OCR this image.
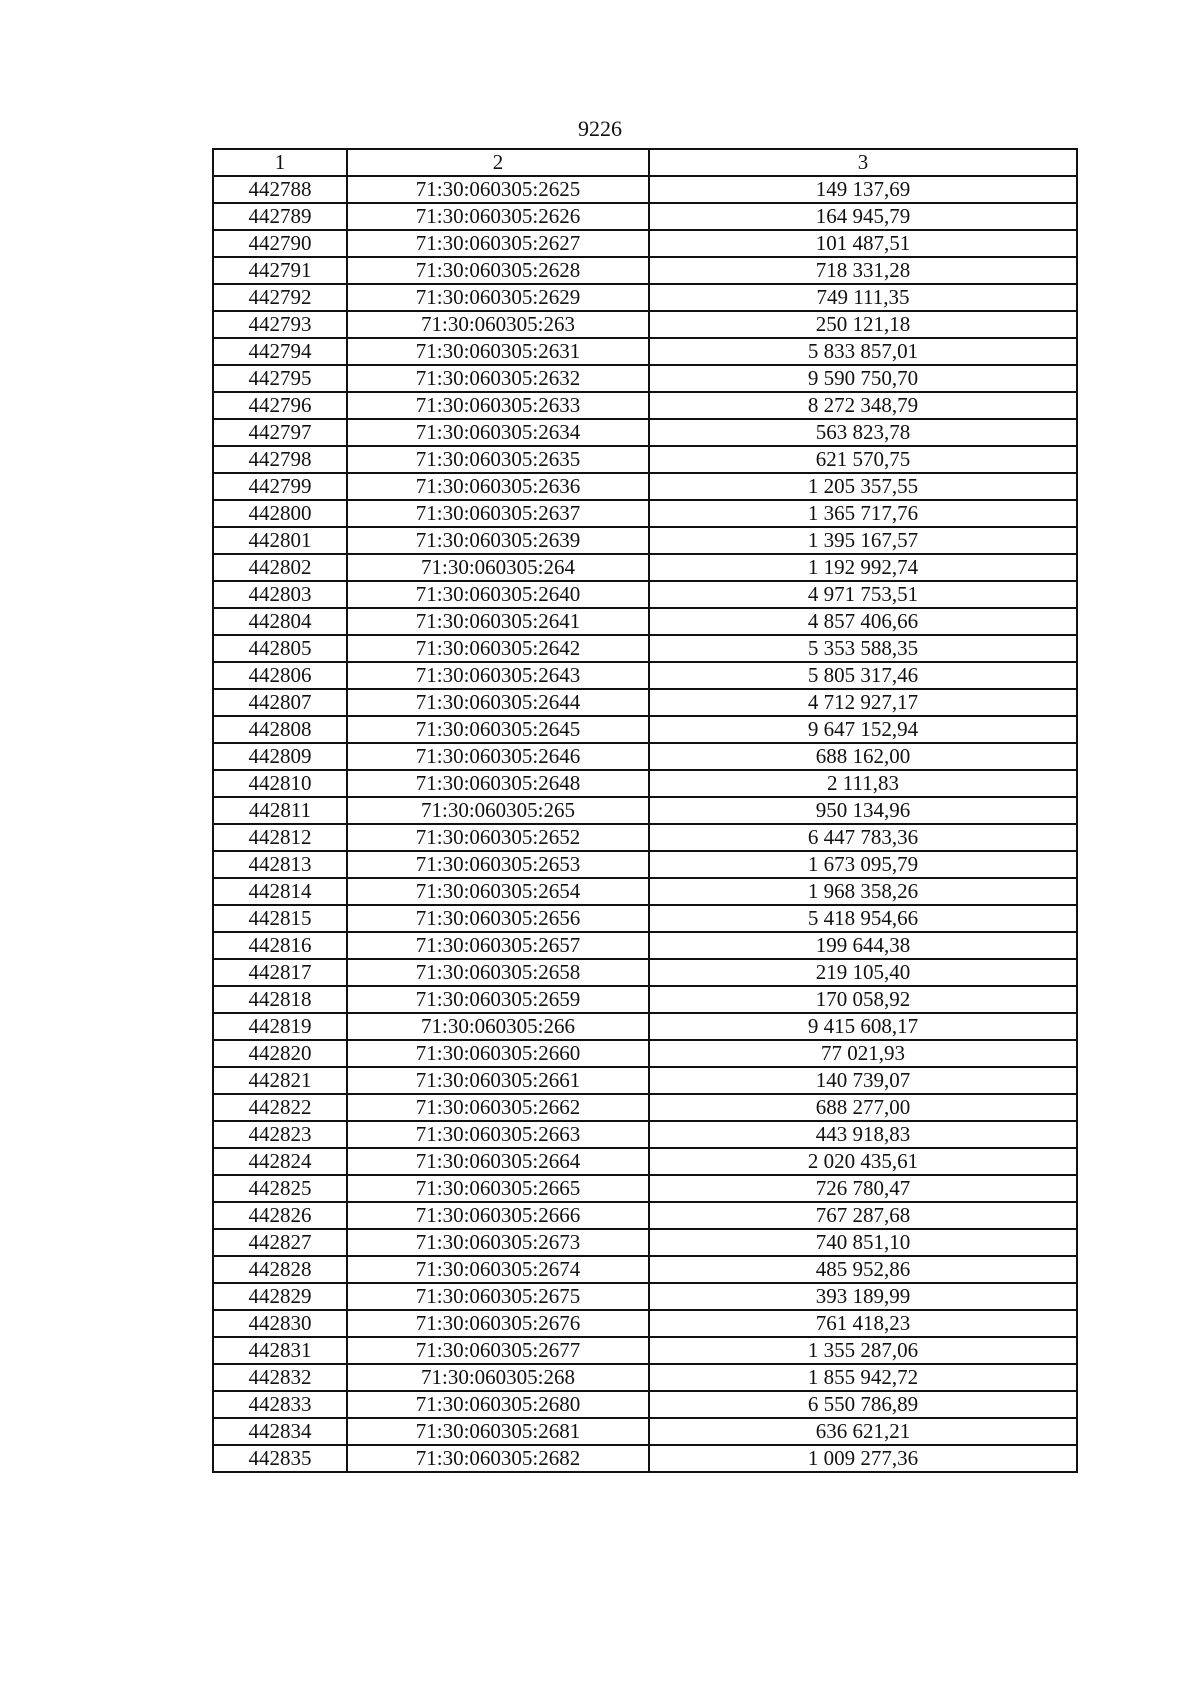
9226
1	2	3
442788	71:30:060305:2625	149 137,69
442789	71:30:060305:2626	164 945,79
442790	71:30:060305:2627	101 487,51
442791	71:30:060305:2628	718 331,28
442792	71:30:060305:2629	749 111,35
442793	71:30:060305:263	250 121,18
442794	71:30:060305:2631	5 833 857,01
442795	71:30:060305:2632	9 590 750,70
442796	71:30:060305:2633	8 272 348,79
442797	71:30:060305:2634	563 823,78
442798	71:30:060305:2635	621 570,75
442799	71:30:060305:2636	1 205 357,55
442800	71:30:060305:2637	1 365 717,76
442801	71:30:060305:2639	1 395 167,57
442802	71:30:060305:264	1 192 992,74
442803	71:30:060305:2640	4 971 753,51
442804	71:30:060305:2641	4 857 406,66
442805	71:30:060305:2642	5 353 588,35
442806	71:30:060305:2643	5 805 317,46
442807	71:30:060305:2644	4 712 927,17
442808	71:30:060305:2645	9 647 152,94
442809	71:30:060305:2646	688 162,00
442810	71:30:060305:2648	2 111,83
442811	71:30:060305:265	950 134,96
442812	71:30:060305:2652	6 447 783,36
442813	71:30:060305:2653	1 673 095,79
442814	71:30:060305:2654	1 968 358,26
442815	71:30:060305:2656	5 418 954,66
442816	71:30:060305:2657	199 644,38
442817	71:30:060305:2658	219 105,40
442818	71:30:060305:2659	170 058,92
442819	71:30:060305:266	9 415 608,17
442820	71:30:060305:2660	77 021,93
442821	71:30:060305:2661	140 739,07
442822	71:30:060305:2662	688 277,00
442823	71:30:060305:2663	443 918,83
442824	71:30:060305:2664	2 020 435,61
442825	71:30:060305:2665	726 780,47
442826	71:30:060305:2666	767 287,68
442827	71:30:060305:2673	740 851,10
442828	71:30:060305:2674	485 952,86
442829	71:30:060305:2675	393 189,99
442830	71:30:060305:2676	761 418,23
442831	71:30:060305:2677	1 355 287,06
442832	71:30:060305:268	1 855 942,72
442833	71:30:060305:2680	6 550 786,89
442834	71:30:060305:2681	636 621,21
442835	71:30:060305:2682	1 009 277,36
